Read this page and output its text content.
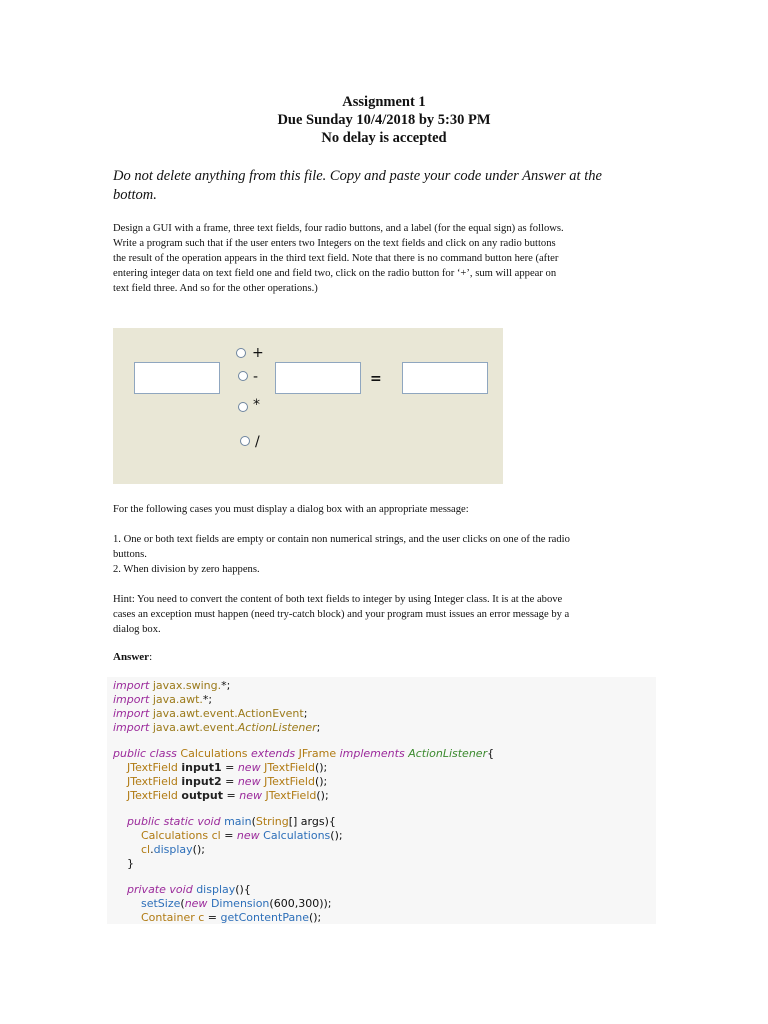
Assignment 1
Due Sunday 10/4/2018 by 5:30 PM
No delay is accepted
Do not delete anything from this file. Copy and paste your code under Answer at the bottom.
Design a GUI with a frame, three text fields, four radio buttons, and a label (for the equal sign) as follows.
Write a program such that if the user enters two Integers on the text fields and click on any radio buttons
the result of the operation appears in the third text field. Note that there is no command button here (after
entering integer data on text field one and field two, click on the radio button for ‘+’, sum will appear on
text field three. And so for the other operations.)
+
-
*
/
=
For the following cases you must display a dialog box with an appropriate message:
1. One or both text fields are empty or contain non numerical strings, and the user clicks on one of the radio
buttons.
2. When division by zero happens.
Hint: You need to convert the content of both text fields to integer by using Integer class. It is at the above
cases an exception must happen (need try-catch block) and your program must issues an error message by a
dialog box.
Answer:
import javax.swing.*;
import java.awt.*;
import java.awt.event.ActionEvent;
import java.awt.event.ActionListener;
public class Calculations extends JFrame implements ActionListener{
JTextField input1 = new JTextField();
JTextField input2 = new JTextField();
JTextField output = new JTextField();
public static void main(String[] args){
Calculations cl = new Calculations();
cl.display();
}
private void display(){
setSize(new Dimension(600,300));
Container c = getContentPane();
